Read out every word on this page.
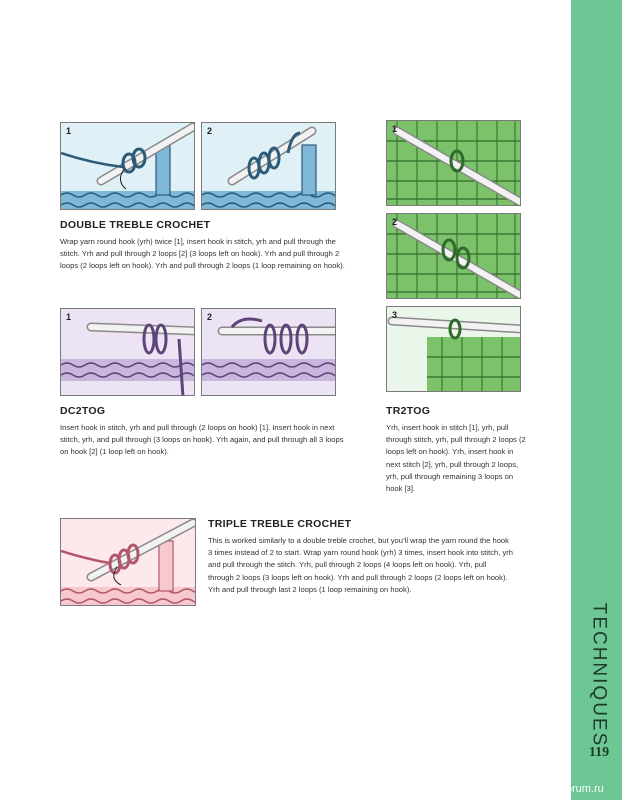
TECHNIQUES
119
PassionForum.ru
1	2
DOUBLE TREBLE CROCHET

Wrap yarn round hook (yrh) twice [1], insert hook in stitch, yrh and pull through the stitch. Yrh and pull through 2 loops [2] (3 loops left on hook). Yrh and pull through 2 loops (2 loops left on hook). Yrh and pull through 2 loops (1 loop remaining on hook).

1	2
DC2TOG

Insert hook in stitch, yrh and pull through (2 loops on hook) [1]. Insert hook in next stitch, yrh, and pull through (3 loops on hook). Yrh again, and pull through all 3 loops on hook [2] (1 loop left on hook).

1
2
3
TR2TOG

Yrh, insert hook in stitch [1], yrh, pull through stitch, yrh, pull through 2 loops (2 loops left on hook). Yrh, insert hook in next stitch [2], yrh, pull through 2 loops, yrh, pull through remaining 3 loops on hook [3].

TRIPLE TREBLE CROCHET

This is worked similarly to a double treble crochet, but you’ll wrap the yarn round the hook 3 times instead of 2 to start. Wrap yarn round hook (yrh) 3 times, insert hook into stitch, yrh and pull through the stitch. Yrh, pull through 2 loops (4 loops left on hook). Yrh, pull through 2 loops (3 loops left on hook). Yrh and pull through 2 loops (2 loops left on hook). Yrh and pull through last 2 loops (1 loop remaining on hook).
